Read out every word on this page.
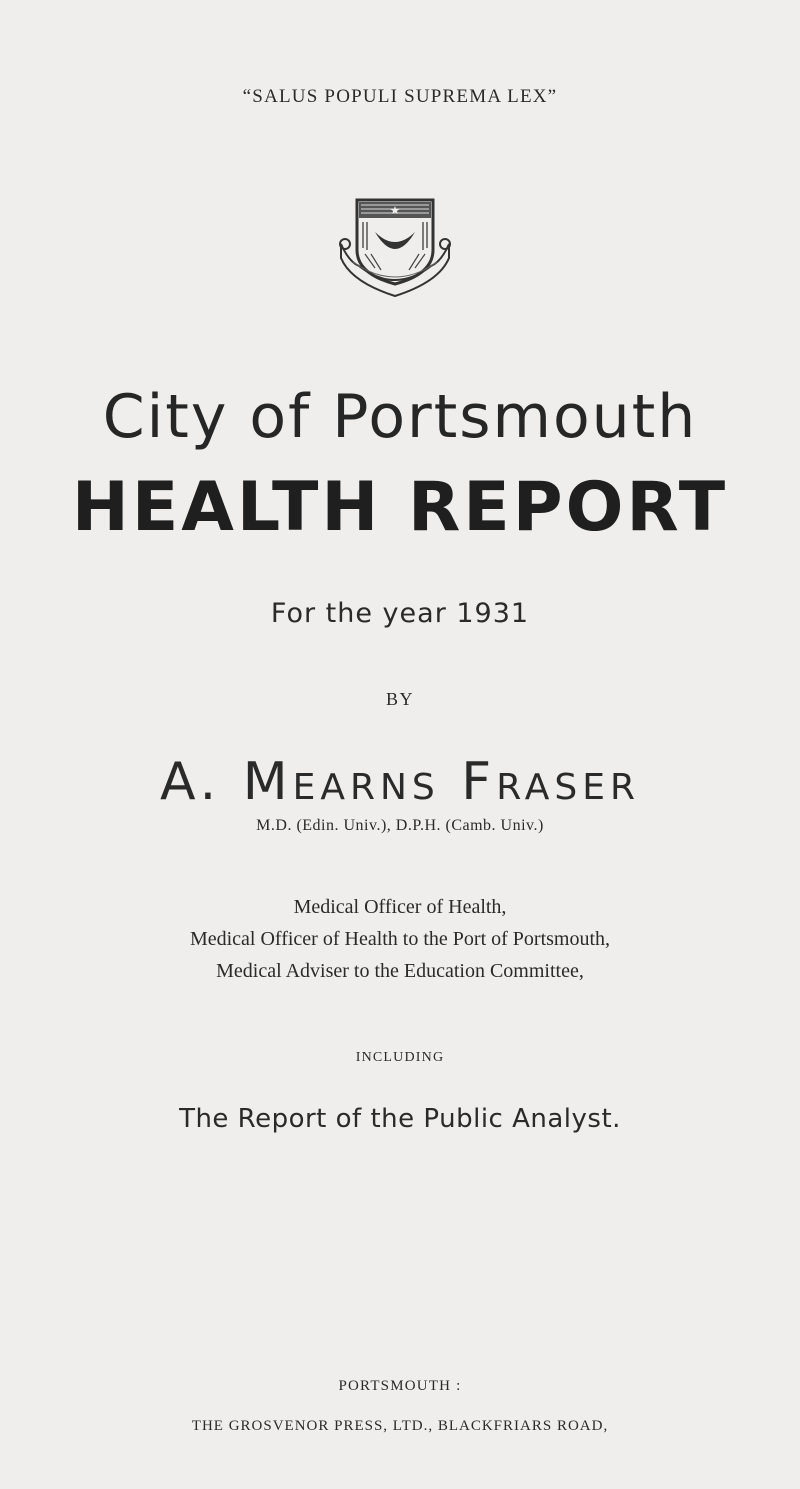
“SALUS POPULI SUPREMA LEX”
City of Portsmouth
HEALTH REPORT
For the year 1931
BY
A. Mearns Fraser
M.D. (Edin. Univ.), D.P.H. (Camb. Univ.)
Medical Officer of Health,
Medical Officer of Health to the Port of Portsmouth,
Medical Adviser to the Education Committee,
INCLUDING
The Report of the Public Analyst.
PORTSMOUTH :
THE GROSVENOR PRESS, LTD., BLACKFRIARS ROAD,
